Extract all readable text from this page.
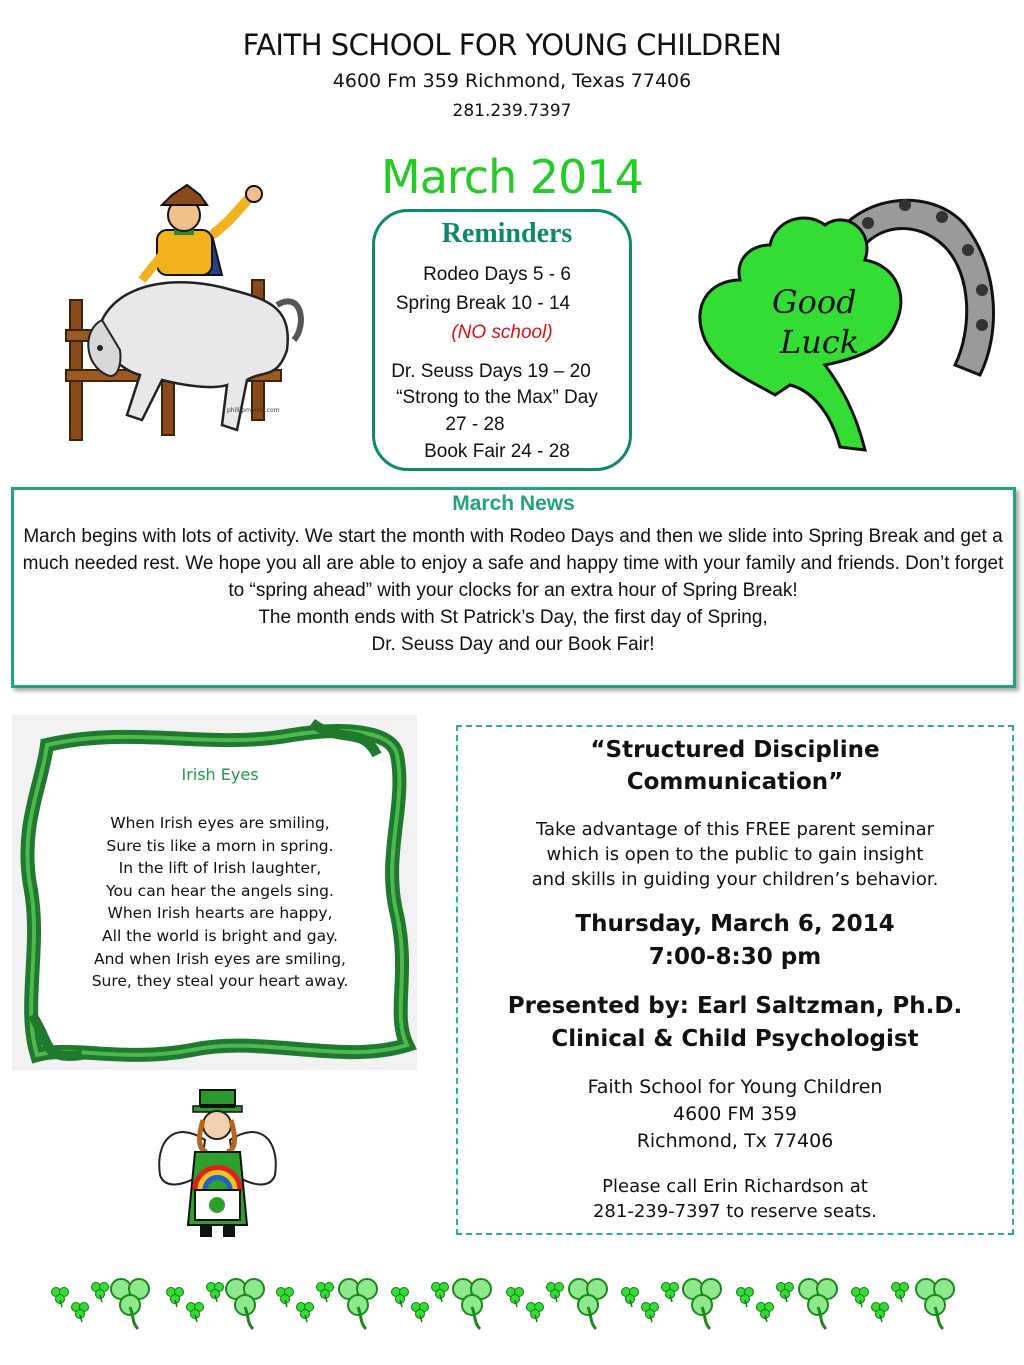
FAITH SCHOOL FOR YOUNG CHILDREN
4600 Fm 359 Richmond, Texas 77406
281.239.7397
March 2014
phillipmartin.com
Reminders
Rodeo Days 5 - 6
Spring Break 10 - 14
(NO school)
Dr. Seuss Days 19 – 20
“Strong to the Max” Day
27 - 28
Book Fair 24 - 28
Good
Luck
March News
March begins with lots of activity. We start the month with Rodeo Days and then we slide into Spring Break and get a much needed rest. We hope you all are able to enjoy a safe and happy time with your family and friends. Don’t forget to “spring ahead” with your clocks for an extra hour of Spring Break!
The month ends with St Patrick’s Day, the first day of Spring,
Dr. Seuss Day and our Book Fair!
Irish Eyes
When Irish eyes are smiling,
Sure tis like a morn in spring.
In the lift of Irish laughter,
You can hear the angels sing.
When Irish hearts are happy,
All the world is bright and gay.
And when Irish eyes are smiling,
Sure, they steal your heart away.
“Structured Discipline
Communication”
Take advantage of this FREE parent seminar
which is open to the public to gain insight
and skills in guiding your children’s behavior.
Thursday, March 6, 2014
7:00-8:30 pm
Presented by: Earl Saltzman, Ph.D.
Clinical & Child Psychologist
Faith School for Young Children
4600 FM 359
Richmond, Tx 77406
Please call Erin Richardson at
281-239-7397 to reserve seats.
